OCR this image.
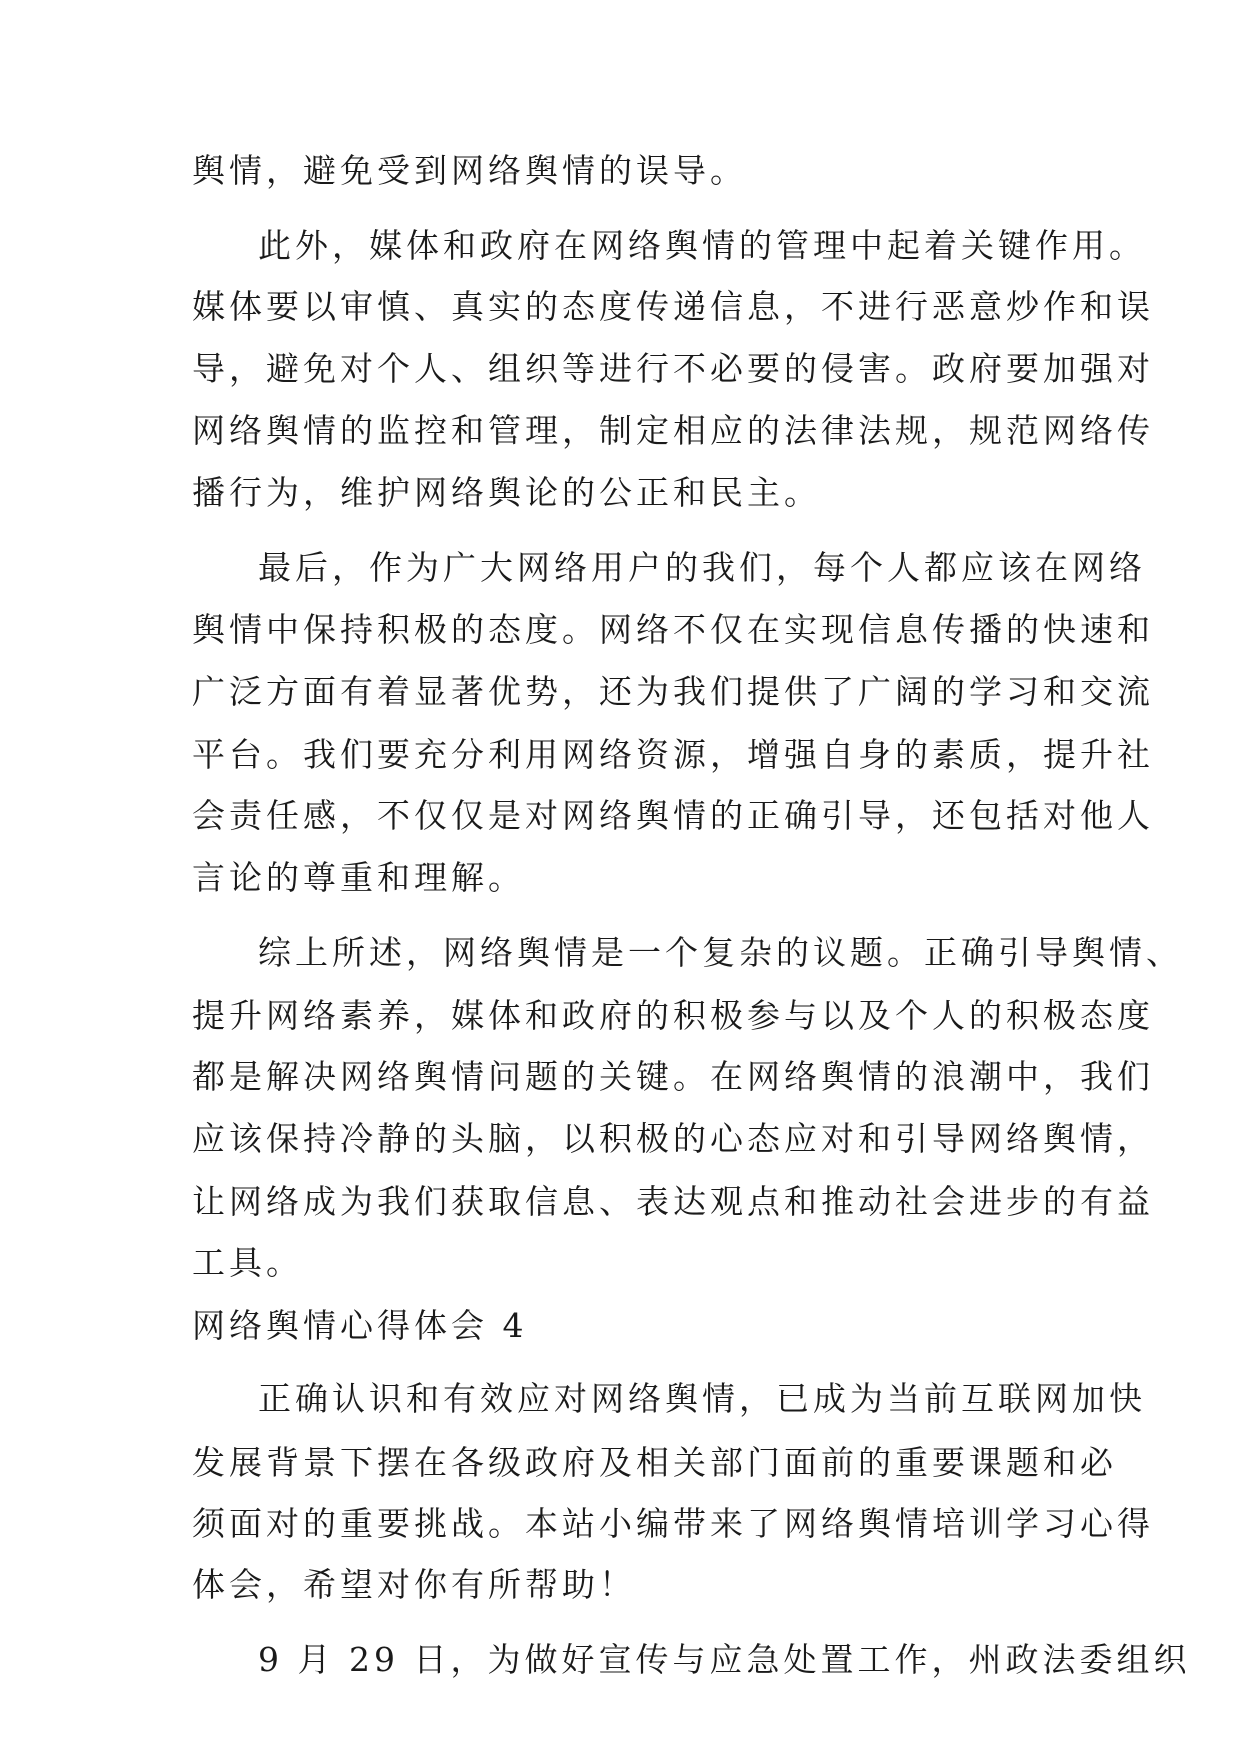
舆情，避免受到网络舆情的误导。
此外，媒体和政府在网络舆情的管理中起着关键作用。
媒体要以审慎、真实的态度传递信息，不进行恶意炒作和误
导，避免对个人、组织等进行不必要的侵害。政府要加强对
网络舆情的监控和管理，制定相应的法律法规，规范网络传
播行为，维护网络舆论的公正和民主。
最后，作为广大网络用户的我们，每个人都应该在网络
舆情中保持积极的态度。网络不仅在实现信息传播的快速和
广泛方面有着显著优势，还为我们提供了广阔的学习和交流
平台。我们要充分利用网络资源，增强自身的素质，提升社
会责任感，不仅仅是对网络舆情的正确引导，还包括对他人
言论的尊重和理解。
综上所述，网络舆情是一个复杂的议题。正确引导舆情、
提升网络素养，媒体和政府的积极参与以及个人的积极态度
都是解决网络舆情问题的关键。在网络舆情的浪潮中，我们
应该保持冷静的头脑，以积极的心态应对和引导网络舆情，
让网络成为我们获取信息、表达观点和推动社会进步的有益
工具。
网络舆情心得体会 4
正确认识和有效应对网络舆情，已成为当前互联网加快
发展背景下摆在各级政府及相关部门面前的重要课题和必
须面对的重要挑战。本站小编带来了网络舆情培训学习心得
体会，希望对你有所帮助！
9 月 29 日，为做好宣传与应急处置工作，州政法委组织
